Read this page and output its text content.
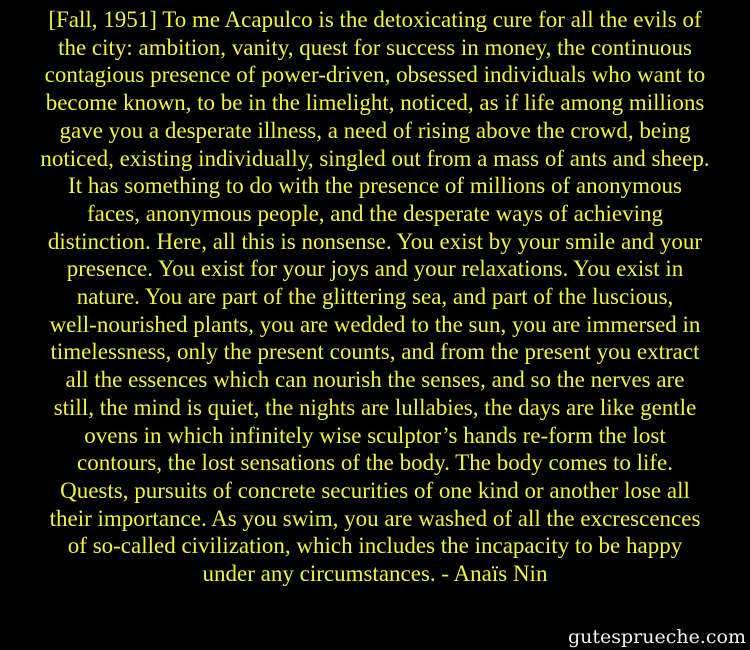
[Fall, 1951] To me Acapulco is the detoxicating cure for all the evils of
the city: ambition, vanity, quest for success in money, the continuous
contagious presence of power-driven, obsessed individuals who want to
become known, to be in the limelight, noticed, as if life among millions
gave you a desperate illness, a need of rising above the crowd, being
noticed, existing individually, singled out from a mass of ants and sheep.
It has something to do with the presence of millions of anonymous
faces, anonymous people, and the desperate ways of achieving
distinction. Here, all this is nonsense. You exist by your smile and your
presence. You exist for your joys and your relaxations. You exist in
nature. You are part of the glittering sea, and part of the luscious,
well-nourished plants, you are wedded to the sun, you are immersed in
timelessness, only the present counts, and from the present you extract
all the essences which can nourish the senses, and so the nerves are
still, the mind is quiet, the nights are lullabies, the days are like gentle
ovens in which infinitely wise sculptor’s hands re-form the lost
contours, the lost sensations of the body. The body comes to life.
Quests, pursuits of concrete securities of one kind or another lose all
their importance. As you swim, you are washed of all the excrescences
of so-called civilization, which includes the incapacity to be happy
under any circumstances. - Anaïs Nin
gutesprueche.com
